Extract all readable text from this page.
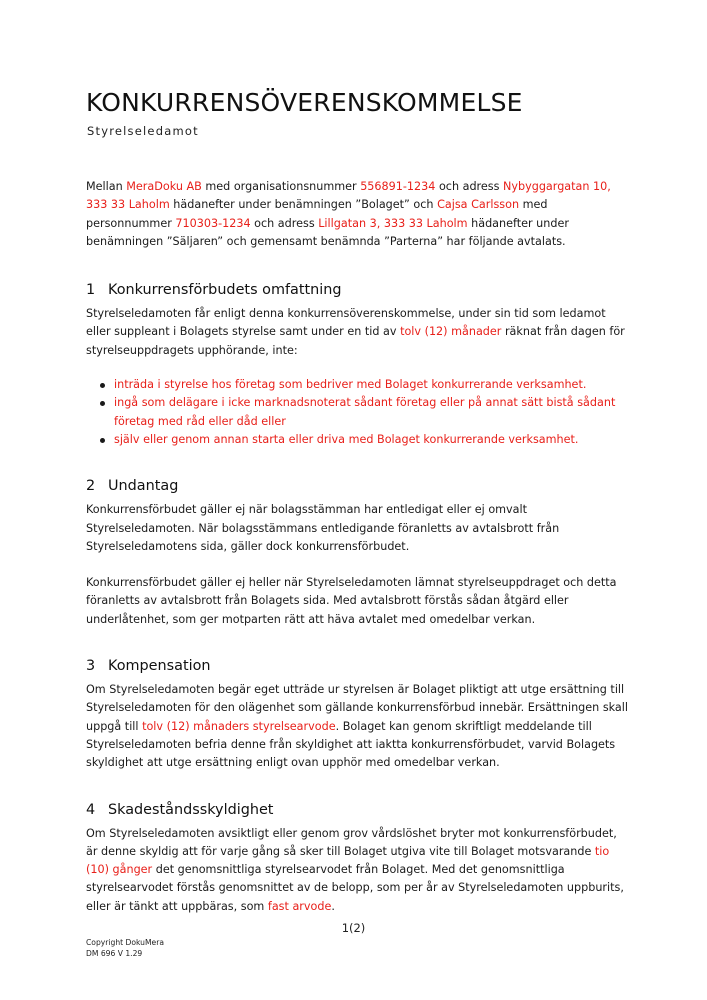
KONKURRENSÖVERENSKOMMELSE
Styrelseledamot

Mellan MeraDoku AB med organisationsnummer 556891-1234 och adress Nybyggargatan 10, 333 33 Laholm hädanefter under benämningen ”Bolaget” och Cajsa Carlsson med personnummer 710303-1234 och adress Lillgatan 3, 333 33 Laholm hädanefter under benämningen ”Säljaren” och gemensamt benämnda ”Parterna” har följande avtalats.

1 Konkurrensförbudets omfattning

Styrelseledamoten får enligt denna konkurrensöverenskommelse, under sin tid som ledamot eller suppleant i Bolagets styrelse samt under en tid av tolv (12) månader räknat från dagen för styrelseuppdragets upphörande, inte:

inträda i styrelse hos företag som bedriver med Bolaget konkurrerande verksamhet.
ingå som delägare i icke marknadsnoterat sådant företag eller på annat sätt bistå sådant företag med råd eller dåd eller
själv eller genom annan starta eller driva med Bolaget konkurrerande verksamhet.
2 Undantag

Konkurrensförbudet gäller ej när bolagsstämman har entledigat eller ej omvalt Styrelseledamoten. När bolagsstämmans entledigande föranletts av avtalsbrott från Styrelseledamotens sida, gäller dock konkurrensförbudet.

Konkurrensförbudet gäller ej heller när Styrelseledamoten lämnat styrelseuppdraget och detta föranletts av avtalsbrott från Bolagets sida. Med avtalsbrott förstås sådan åtgärd eller underlåtenhet, som ger motparten rätt att häva avtalet med omedelbar verkan.

3 Kompensation

Om Styrelseledamoten begär eget utträde ur styrelsen är Bolaget pliktigt att utge ersättning till Styrelseledamoten för den olägenhet som gällande konkurrensförbud innebär. Ersättningen skall uppgå till tolv (12) månaders styrelsearvode. Bolaget kan genom skriftligt meddelande till Styrelseledamoten befria denne från skyldighet att iaktta konkurrensförbudet, varvid Bolagets skyldighet att utge ersättning enligt ovan upphör med omedelbar verkan.

4 Skadeståndsskyldighet

Om Styrelseledamoten avsiktligt eller genom grov vårdslöshet bryter mot konkurrensförbudet, är denne skyldig att för varje gång så sker till Bolaget utgiva vite till Bolaget motsvarande tio (10) gånger det genomsnittliga styrelsearvodet från Bolaget. Med det genomsnittliga styrelsearvodet förstås genomsnittet av de belopp, som per år av Styrelseledamoten uppburits, eller är tänkt att uppbäras, som fast arvode.

1(2)
Copyright DokuMera
DM 696 V 1.29
